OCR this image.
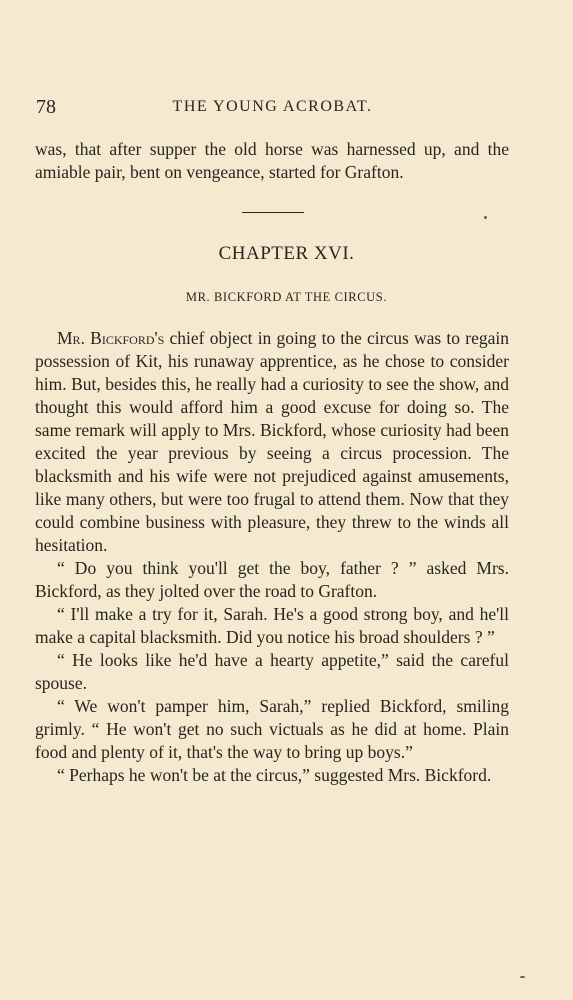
78	THE YOUNG ACROBAT.

was, that after supper the old horse was harnessed up, and the amiable pair, bent on vengeance, started for Grafton.

CHAPTER XVI.
MR. BICKFORD AT THE CIRCUS.

Mr. Bickford's chief object in going to the circus was to regain possession of Kit, his runaway apprentice, as he chose to consider him. But, besides this, he really had a curiosity to see the show, and thought this would afford him a good excuse for doing so. The same remark will apply to Mrs. Bickford, whose curiosity had been excited the year previous by seeing a circus procession. The blacksmith and his wife were not prejudiced against amusements, like many others, but were too frugal to attend them. Now that they could combine business with pleasure, they threw to the winds all hesitation.

“ Do you think you'll get the boy, father ? ” asked Mrs. Bickford, as they jolted over the road to Grafton.

“ I'll make a try for it, Sarah. He's a good strong boy, and he'll make a capital blacksmith. Did you notice his broad shoulders ? ”

“ He looks like he'd have a hearty appetite,” said the careful spouse.

“ We won't pamper him, Sarah,” replied Bickford, smiling grimly. “ He won't get no such victuals as he did at home. Plain food and plenty of it, that's the way to bring up boys.”

“ Perhaps he won't be at the circus,” suggested Mrs. Bickford.
